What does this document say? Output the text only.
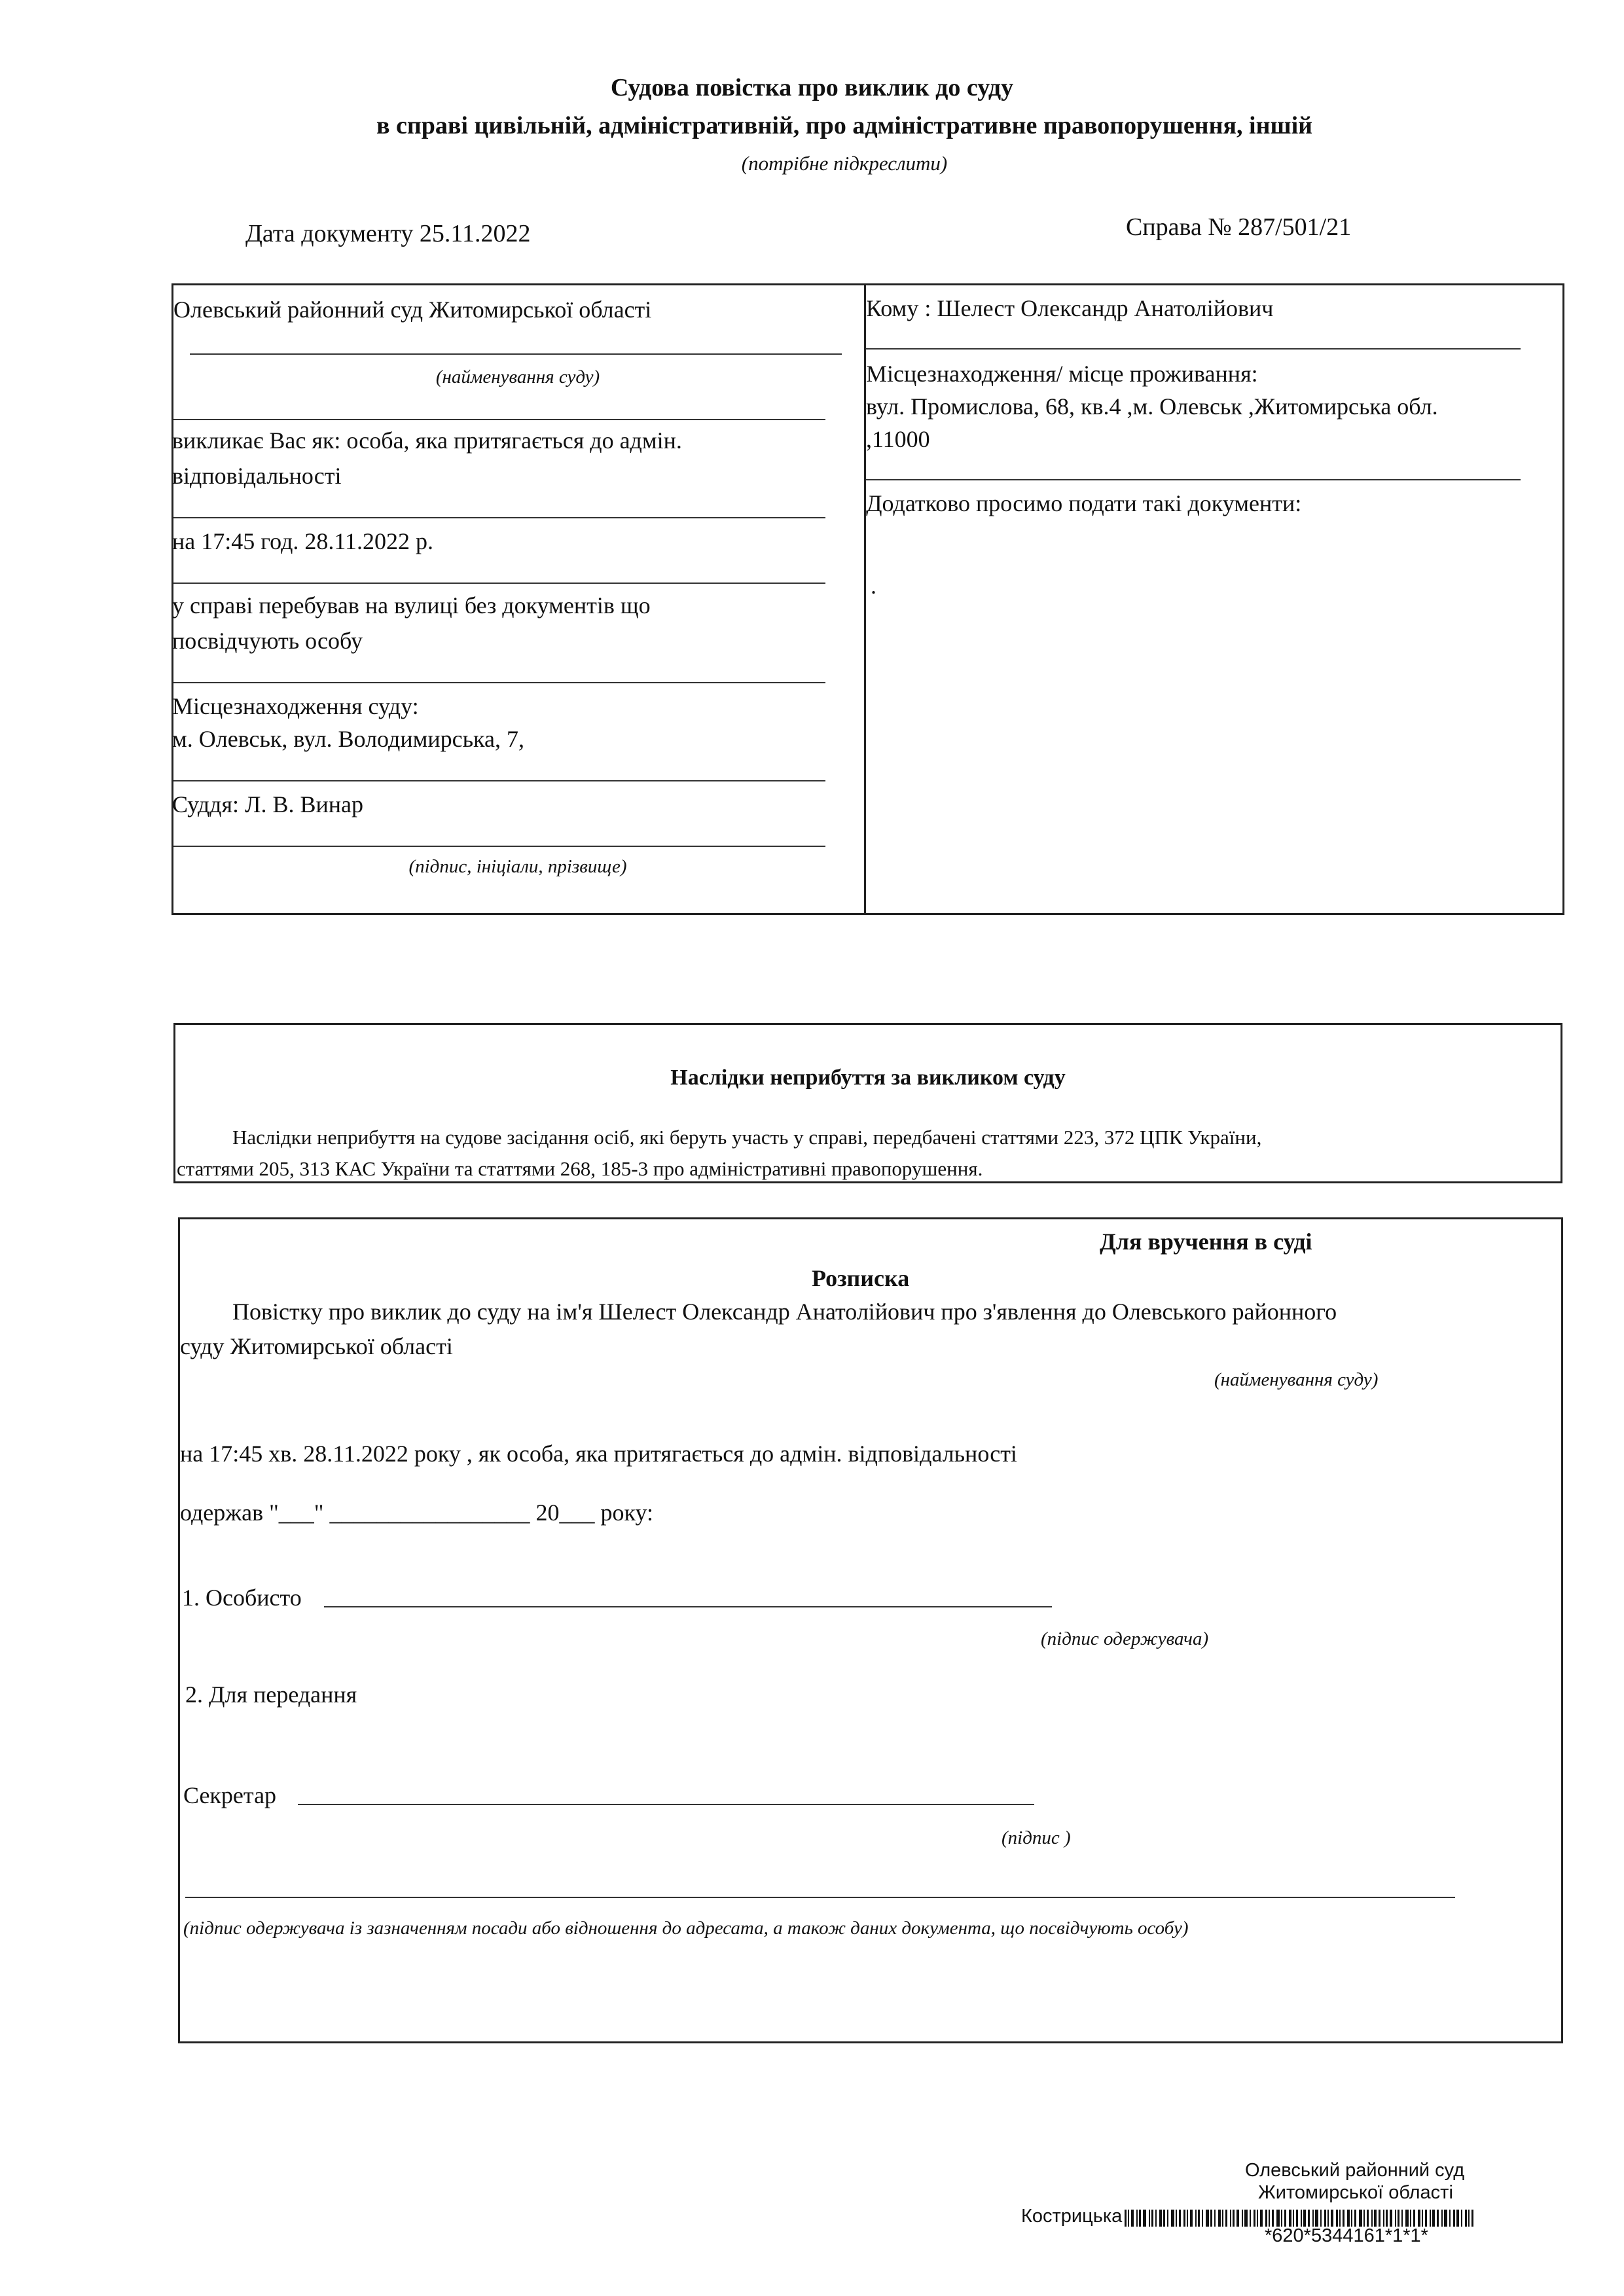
Судова повістка про виклик до суду
в справі цивільній, адміністративній, про адміністративне правопорушення, іншій
(потрібне підкреслити)
Дата документу 25.11.2022	Справа № 287/501/21
Олевський районний суд Житомирської області
(найменування суду)
викликає Вас як: особа, яка притягається до адмін.
відповідальності
на 17:45 год. 28.11.2022 р.
у справі перебував на вулиці без документів що
посвідчують особу
Місцезнаходження суду:
м. Олевськ, вул. Володимирська, 7,
Суддя: Л. В. Винар
(підпис, ініціали, прізвище)
Кому : Шелест Олександр Анатолійович
Місцезнаходження/ місце проживання:
вул. Промислова, 68, кв.4 ,м. Олевськ ,Житомирська обл.
,11000
Додатково просимо подати такі документи:
.
Наслідки неприбуття за викликом суду
Наслідки неприбуття на судове засідання осіб, які беруть участь у справі, передбачені статтями 223, 372 ЦПК України,
статтями 205, 313 КАС України та статтями 268, 185-3 про адміністративні правопорушення.
Для вручення в суді
Розписка
Повістку про виклик до суду на ім'я Шелест Олександр Анатолійович про з'явлення до Олевського районного
суду Житомирської області
(найменування суду)
на 17:45 хв. 28.11.2022 року , як особа, яка притягається до адмін. відповідальності
одержав "___" _________________ 20___ року:
1. Особисто
(підпис одержувача)
2. Для передання
Секретар
(підпис )
(підпис одержувача із зазначенням посади або відношення до адресата, а також даних документа, що посвідчують особу)
Олевський районний суд
Житомирської області
Кострицька
*620*5344161*1*1*
